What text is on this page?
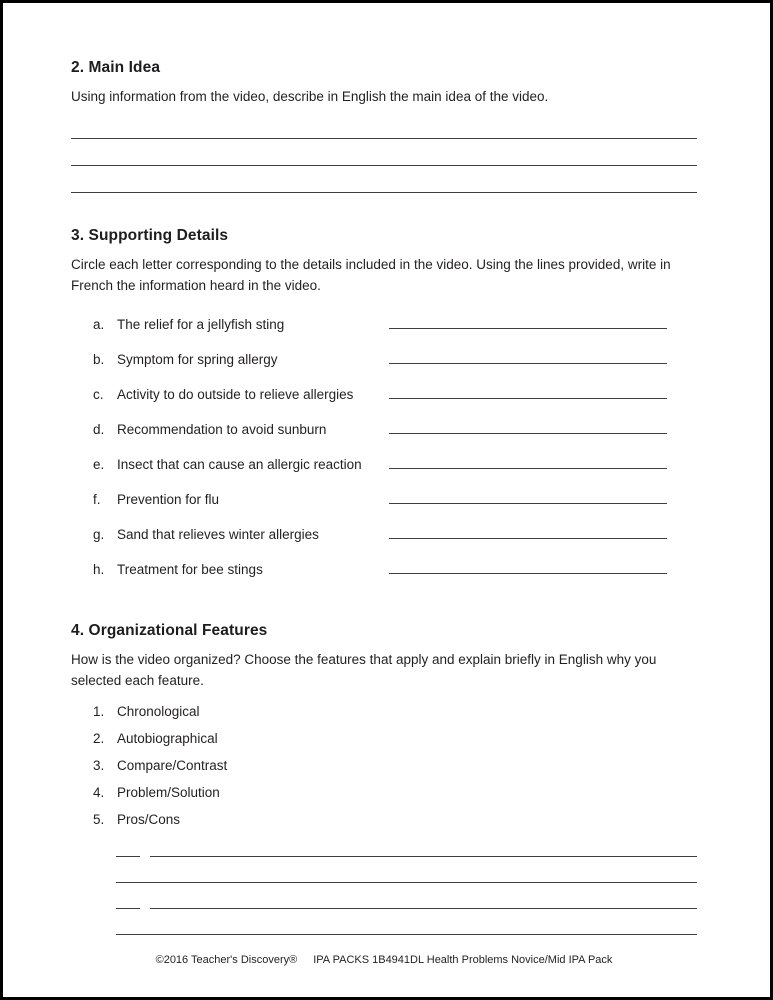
2. Main Idea

Using information from the video, describe in English the main idea of the video.

3. Supporting Details

Circle each letter corresponding to the details included in the video. Using the lines provided, write in French the information heard in the video.

a. The relief for a jellyfish sting
b. Symptom for spring allergy
c. Activity to do outside to relieve allergies
d. Recommendation to avoid sunburn
e. Insect that can cause an allergic reaction
f.	Prevention for flu
g. Sand that relieves winter allergies
h. Treatment for bee stings
4. Organizational Features

How is the video organized? Choose the features that apply and explain briefly in English why you selected each feature.

1. Chronological
2. Autobiographical
3. Compare/Contrast
4. Problem/Solution
5. Pros/Cons
©2016 Teacher's Discovery® IPA PACKS 1B4941DL Health Problems Novice/Mid IPA Pack
